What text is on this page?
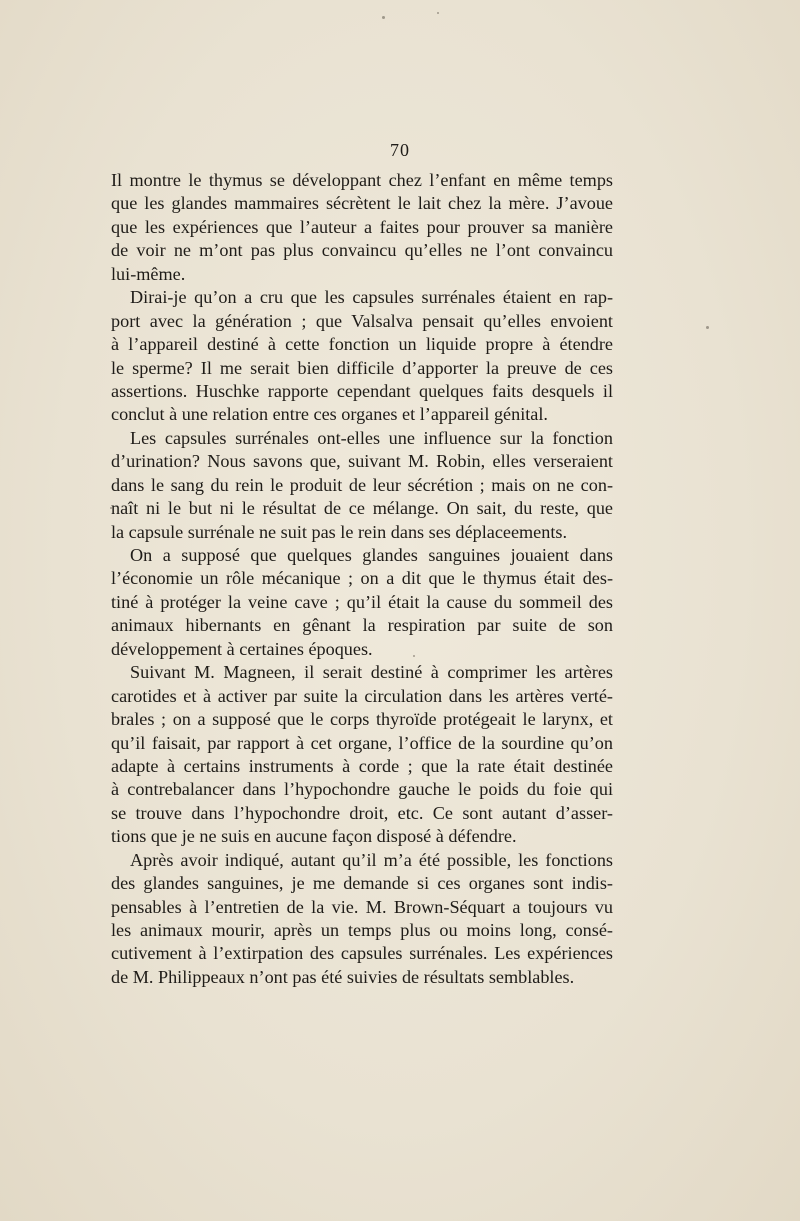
70
Il montre le thymus se développant chez l’enfant en même temps
que les glandes mammaires sécrètent le lait chez la mère. J’avoue
que les expériences que l’auteur a faites pour prouver sa manière
de voir ne m’ont pas plus convaincu qu’elles ne l’ont convaincu
lui-même.
Dirai-je qu’on a cru que les capsules surrénales étaient en rap-
port avec la génération ; que Valsalva pensait qu’elles envoient
à l’appareil destiné à cette fonction un liquide propre à étendre
le sperme? Il me serait bien difficile d’apporter la preuve de ces
assertions. Huschke rapporte cependant quelques faits desquels il
conclut à une relation entre ces organes et l’appareil génital.
Les capsules surrénales ont-elles une influence sur la fonction
d’urination? Nous savons que, suivant M. Robin, elles verseraient
dans le sang du rein le produit de leur sécrétion ; mais on ne con-
naît ni le but ni le résultat de ce mélange. On sait, du reste, que
la capsule surrénale ne suit pas le rein dans ses déplaceements.
On a supposé que quelques glandes sanguines jouaient dans
l’économie un rôle mécanique ; on a dit que le thymus était des-
tiné à protéger la veine cave ; qu’il était la cause du sommeil des
animaux hibernants en gênant la respiration par suite de son
développement à certaines époques.
Suivant M. Magneen, il serait destiné à comprimer les artères
carotides et à activer par suite la circulation dans les artères verté-
brales ; on a supposé que le corps thyroïde protégeait le larynx, et
qu’il faisait, par rapport à cet organe, l’office de la sourdine qu’on
adapte à certains instruments à corde ; que la rate était destinée
à contrebalancer dans l’hypochondre gauche le poids du foie qui
se trouve dans l’hypochondre droit, etc. Ce sont autant d’asser-
tions que je ne suis en aucune façon disposé à défendre.
Après avoir indiqué, autant qu’il m’a été possible, les fonctions
des glandes sanguines, je me demande si ces organes sont indis-
pensables à l’entretien de la vie. M. Brown-Séquart a toujours vu
les animaux mourir, après un temps plus ou moins long, consé-
cutivement à l’extirpation des capsules surrénales. Les expériences
de M. Philippeaux n’ont pas été suivies de résultats semblables.
